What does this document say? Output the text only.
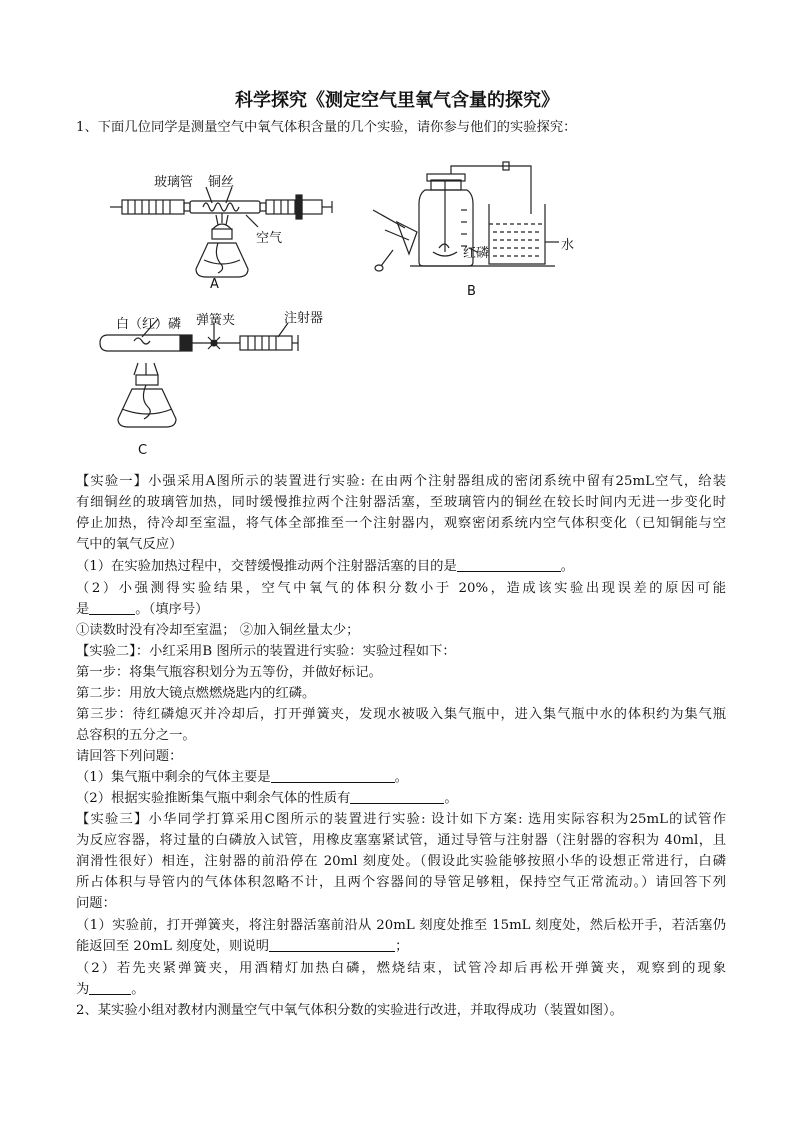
科学探究《测定空气里氧气含量的探究》
1、下面几位同学是测量空气中氧气体积含量的几个实验，请你参与他们的实验探究：
玻璃管 铜丝
空气
A
红磷
水
B
白（红）磷 弹簧夹	注射器
C
【实验一】小强采用A图所示的装置进行实验: 在由两个注射器组成的密闭系统中留有25mL空气，给装
有细铜丝的玻璃管加热，同时缓慢推拉两个注射器活塞，至玻璃管内的铜丝在较长时间内无进一步变化时
停止加热，待冷却至室温，将气体全部推至一个注射器内，观察密闭系统内空气体积变化（已知铜能与空
气中的氧气反应）
（1）在实验加热过程中，交替缓慢推动两个注射器活塞的目的是	。
（2）小强测得实验结果，空气中氧气的体积分数小于 20%，造成该实验出现误差的原因可能
是	。（填序号）
①读数时没有冷却至室温； ②加入铜丝量太少；
【实验二】：小红采用B 图所示的装置进行实验：实验过程如下：
第一步：将集气瓶容积划分为五等份，并做好标记。
第二步：用放大镜点燃燃烧匙内的红磷。
第三步：待红磷熄灭并冷却后，打开弹簧夹，发现水被吸入集气瓶中，进入集气瓶中水的体积约为集气瓶
总容积的五分之一。
请回答下列问题：
（1）集气瓶中剩余的气体主要是	。
（2）根据实验推断集气瓶中剩余气体的性质有	。
【实验三】小华同学打算采用C图所示的装置进行实验: 设计如下方案: 选用实际容积为25mL的试管作
为反应容器，将过量的白磷放入试管，用橡皮塞塞紧试管，通过导管与注射器（注射器的容积为 40ml，且
润滑性很好）相连，注射器的前沿停在 20ml 刻度处。（假设此实验能够按照小华的设想正常进行，白磷
所占体积与导管内的气体体积忽略不计，且两个容器间的导管足够粗，保持空气正常流动。）请回答下列
问题：
（1）实验前，打开弹簧夹，将注射器活塞前沿从 20mL 刻度处推至 15mL 刻度处，然后松开手，若活塞仍
能返回至 20mL 刻度处，则说明	；
（2）若先夹紧弹簧夹，用酒精灯加热白磷，燃烧结束，试管冷却后再松开弹簧夹，观察到的现象
为	。
2、某实验小组对教材内测量空气中氧气体积分数的实验进行改进，并取得成功（装置如图）。
